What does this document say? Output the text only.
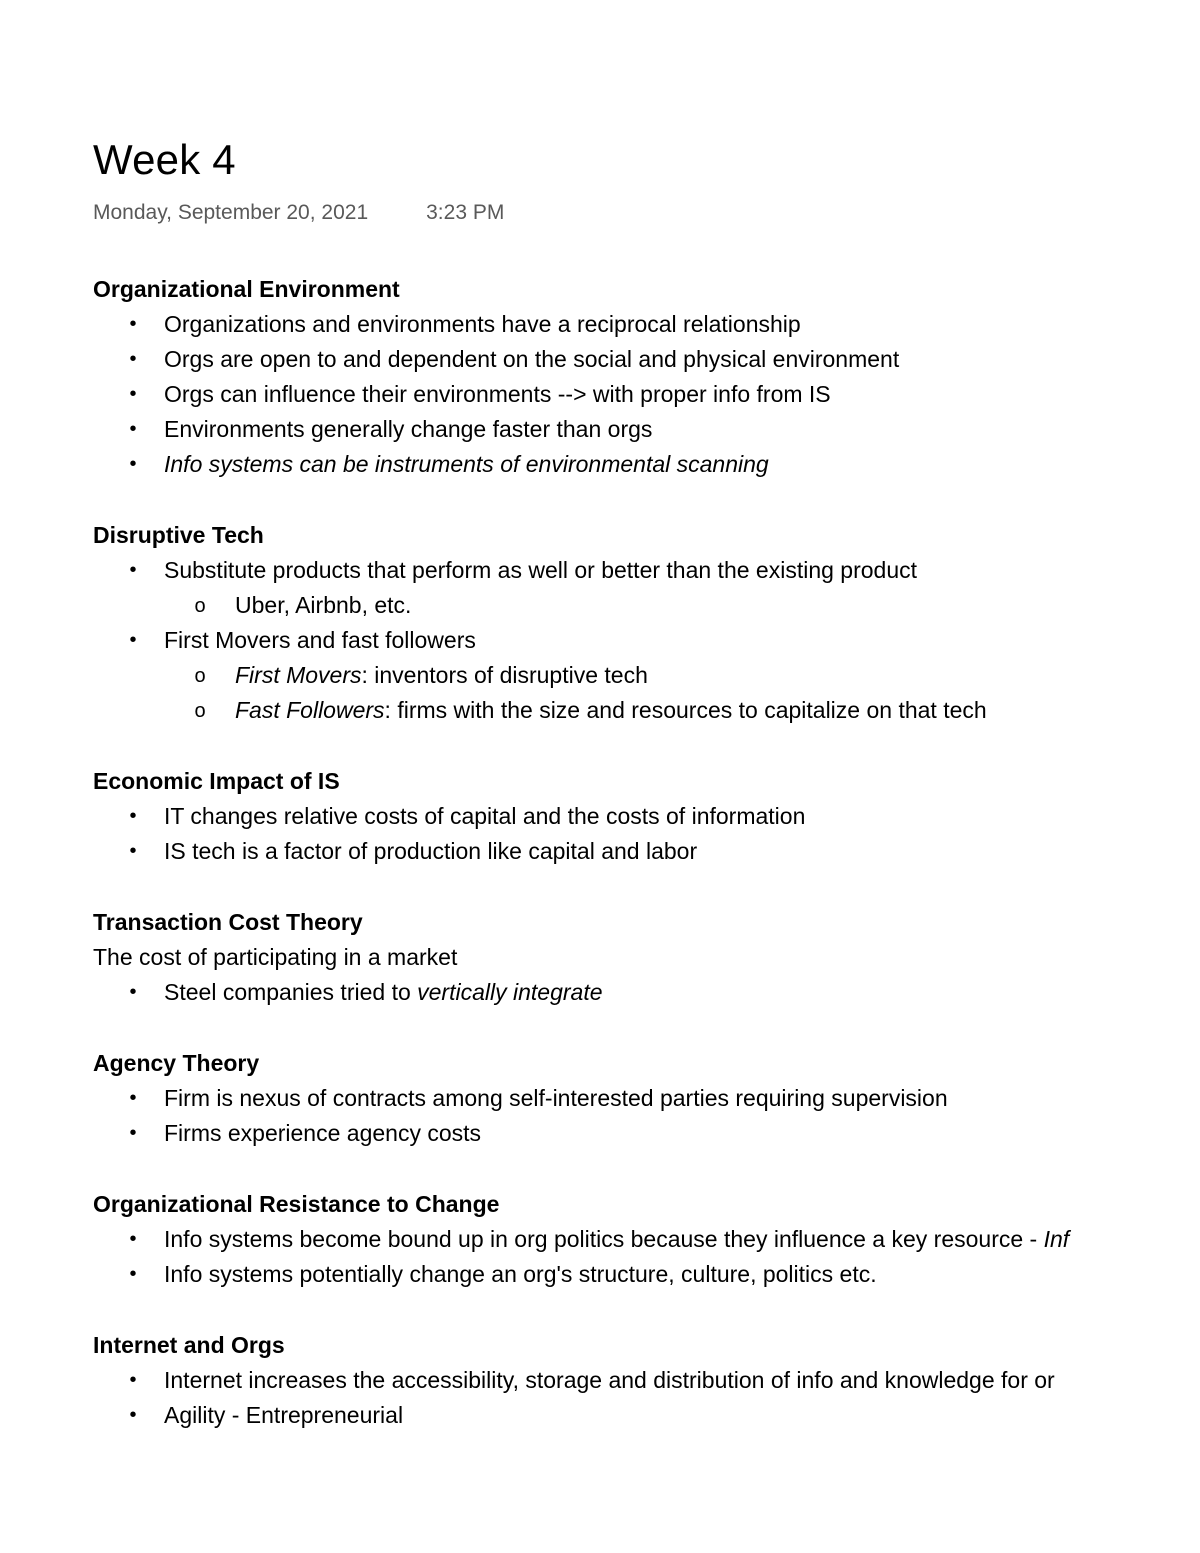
Week 4
Monday, September 20, 2021	3:23 PM
Organizational Environment
• Organizations and environments have a reciprocal relationship
• Orgs are open to and dependent on the social and physical environment
• Orgs can influence their environments --> with proper info from IS
• Environments generally change faster than orgs
• Info systems can be instruments of environmental scanning
Disruptive Tech
• Substitute products that perform as well or better than the existing product
o Uber, Airbnb, etc.
• First Movers and fast followers
o First Movers: inventors of disruptive tech
o Fast Followers: firms with the size and resources to capitalize on that tech
Economic Impact of IS
• IT changes relative costs of capital and the costs of information
• IS tech is a factor of production like capital and labor
Transaction Cost Theory
The cost of participating in a market
• Steel companies tried to vertically integrate
Agency Theory
• Firm is nexus of contracts among self-interested parties requiring supervision
• Firms experience agency costs
Organizational Resistance to Change
• Info systems become bound up in org politics because they influence a key resource - Inf
• Info systems potentially change an org's structure, culture, politics etc.
Internet and Orgs
• Internet increases the accessibility, storage and distribution of info and knowledge for or
• Agility - Entrepreneurial
